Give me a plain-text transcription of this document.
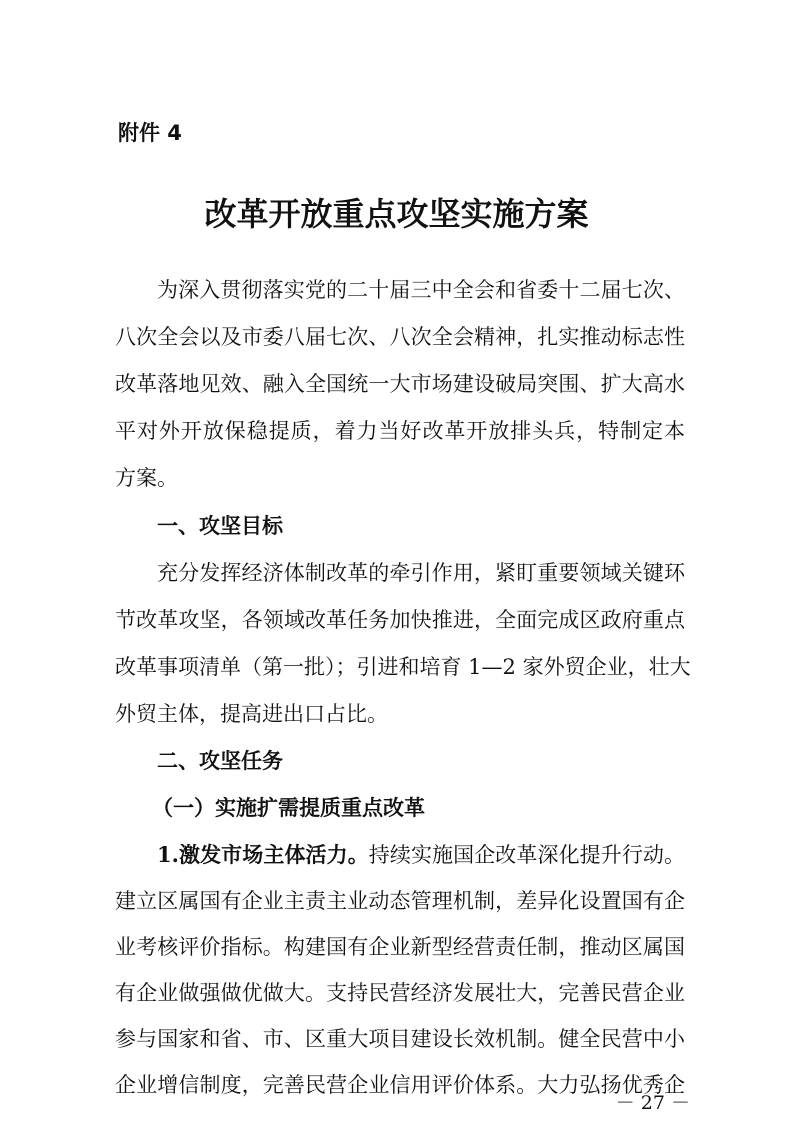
附件 4
改革开放重点攻坚实施方案
为深入贯彻落实党的二十届三中全会和省委十二届七次、
八次全会以及市委八届七次、八次全会精神，扎实推动标志性
改革落地见效、融入全国统一大市场建设破局突围、扩大高水
平对外开放保稳提质，着力当好改革开放排头兵，特制定本
方案。
一、攻坚目标
充分发挥经济体制改革的牵引作用，紧盯重要领域关键环
节改革攻坚，各领域改革任务加快推进，全面完成区政府重点
改革事项清单（第一批）；引进和培育 1—2 家外贸企业，壮大
外贸主体，提高进出口占比。
二、攻坚任务
（一）实施扩需提质重点改革
1.激发市场主体活力。持续实施国企改革深化提升行动。
建立区属国有企业主责主业动态管理机制，差异化设置国有企
业考核评价指标。构建国有企业新型经营责任制，推动区属国
有企业做强做优做大。支持民营经济发展壮大，完善民营企业
参与国家和省、市、区重大项目建设长效机制。健全民营中小
企业增信制度，完善民营企业信用评价体系。大力弘扬优秀企
－ 27 －
